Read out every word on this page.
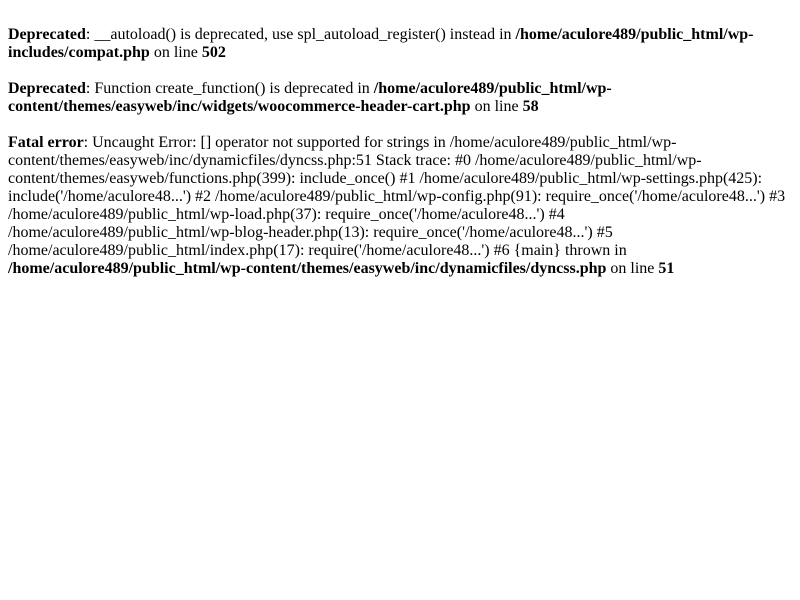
Deprecated: __autoload() is deprecated, use spl_autoload_register() instead in /home/aculore489/public_html/wp-includes/compat.php on line 502
Deprecated: Function create_function() is deprecated in /home/aculore489/public_html/wp-content/themes/easyweb/inc/widgets/woocommerce-header-cart.php on line 58
Fatal error: Uncaught Error: [] operator not supported for strings in /home/aculore489/public_html/wp-content/themes/easyweb/inc/dynamicfiles/dyncss.php:51 Stack trace: #0 /home/aculore489/public_html/wp-content/themes/easyweb/functions.php(399): include_once() #1 /home/aculore489/public_html/wp-settings.php(425): include('/home/aculore48...') #2 /home/aculore489/public_html/wp-config.php(91): require_once('/home/aculore48...') #3 /home/aculore489/public_html/wp-load.php(37): require_once('/home/aculore48...') #4 /home/aculore489/public_html/wp-blog-header.php(13): require_once('/home/aculore48...') #5 /home/aculore489/public_html/index.php(17): require('/home/aculore48...') #6 {main} thrown in /home/aculore489/public_html/wp-content/themes/easyweb/inc/dynamicfiles/dyncss.php on line 51
